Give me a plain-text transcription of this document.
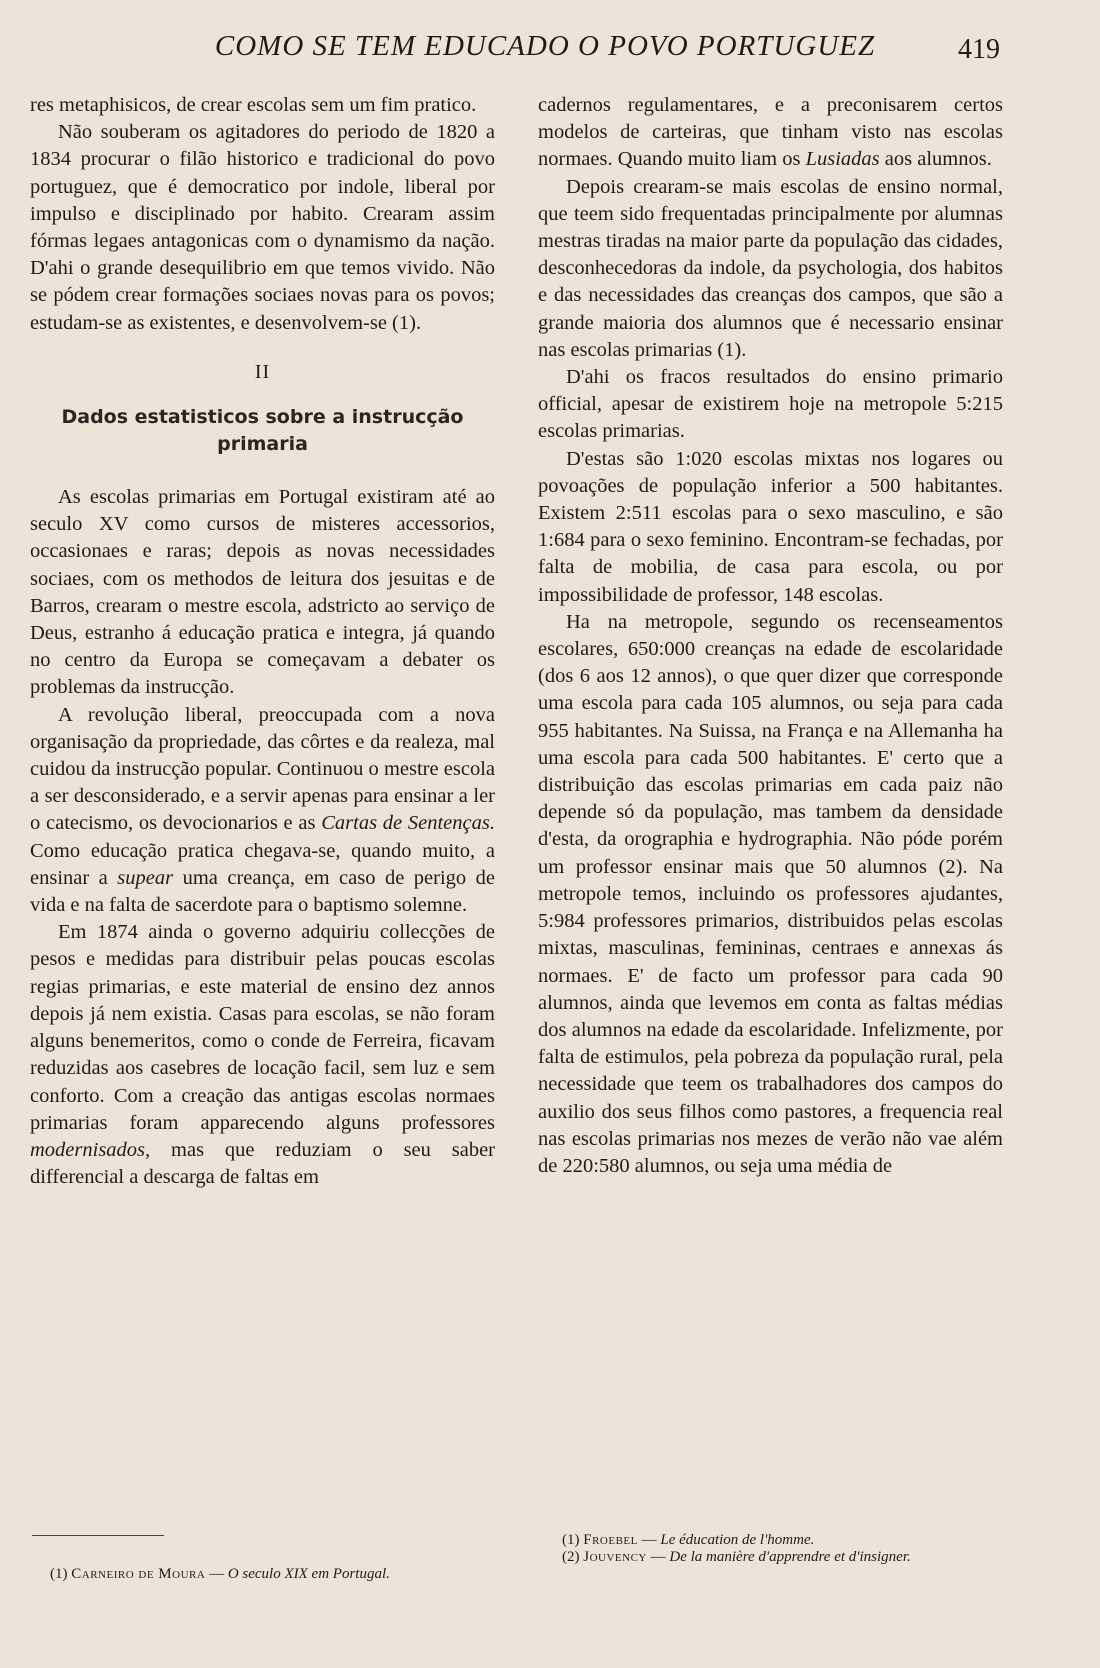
COMO SE TEM EDUCADO O POVO PORTUGUEZ	419

res metaphisicos, de crear escolas sem um fim pratico.

Não souberam os agitadores do periodo de 1820 a 1834 procurar o filão historico e tradicional do povo portuguez, que é democratico por indole, liberal por impulso e disciplinado por habito. Crearam assim fórmas legaes antagonicas com o dynamismo da nação. D'ahi o grande desequilibrio em que temos vivido. Não se pódem crear formações sociaes novas para os povos; estudam-se as existentes, e desenvolvem-se (1).

II
Dados estatisticos sobre a instrucção primaria

As escolas primarias em Portugal existiram até ao seculo XV como cursos de misteres accessorios, occasionaes e raras; depois as novas necessidades sociaes, com os methodos de leitura dos jesuitas e de Barros, crearam o mestre escola, adstricto ao serviço de Deus, estranho á educação pratica e integra, já quando no centro da Europa se começavam a debater os problemas da instrucção.

A revolução liberal, preoccupada com a nova organisação da propriedade, das côrtes e da realeza, mal cuidou da instrucção popular. Continuou o mestre escola a ser desconsiderado, e a servir apenas para ensinar a ler o catecismo, os devocionarios e as Cartas de Sentenças. Como educação pratica chegava-se, quando muito, a ensinar a supear uma creança, em caso de perigo de vida e na falta de sacerdote para o baptismo solemne.

Em 1874 ainda o governo adquiriu collecções de pesos e medidas para distribuir pelas poucas escolas regias primarias, e este material de ensino dez annos depois já nem existia. Casas para escolas, se não foram alguns benemeritos, como o conde de Ferreira, ficavam reduzidas aos casebres de locação facil, sem luz e sem conforto. Com a creação das antigas escolas normaes primarias foram apparecendo alguns professores modernisados, mas que reduziam o seu saber differencial a descarga de faltas em

cadernos regulamentares, e a preconisarem certos modelos de carteiras, que tinham visto nas escolas normaes. Quando muito liam os Lusiadas aos alumnos.

Depois crearam-se mais escolas de ensino normal, que teem sido frequentadas principalmente por alumnas mestras tiradas na maior parte da população das cidades, desconhecedoras da indole, da psychologia, dos habitos e das necessidades das creanças dos campos, que são a grande maioria dos alumnos que é necessario ensinar nas escolas primarias (1).

D'ahi os fracos resultados do ensino primario official, apesar de existirem hoje na metropole 5:215 escolas primarias.

D'estas são 1:020 escolas mixtas nos logares ou povoações de população inferior a 500 habitantes. Existem 2:511 escolas para o sexo masculino, e são 1:684 para o sexo feminino. Encontram-se fechadas, por falta de mobilia, de casa para escola, ou por impossibilidade de professor, 148 escolas.

Ha na metropole, segundo os recenseamentos escolares, 650:000 creanças na edade de escolaridade (dos 6 aos 12 annos), o que quer dizer que corresponde uma escola para cada 105 alumnos, ou seja para cada 955 habitantes. Na Suissa, na França e na Allemanha ha uma escola para cada 500 habitantes. E' certo que a distribuição das escolas primarias em cada paiz não depende só da população, mas tambem da densidade d'esta, da orographia e hydrographia. Não póde porém um professor ensinar mais que 50 alumnos (2). Na metropole temos, incluindo os professores ajudantes, 5:984 professores primarios, distribuidos pelas escolas mixtas, masculinas, femininas, centraes e annexas ás normaes. E' de facto um professor para cada 90 alumnos, ainda que levemos em conta as faltas médias dos alumnos na edade da escolaridade. Infelizmente, por falta de estimulos, pela pobreza da população rural, pela necessidade que teem os trabalhadores dos campos do auxilio dos seus filhos como pastores, a frequencia real nas escolas primarias nos mezes de verão não vae além de 220:580 alumnos, ou seja uma média de

(1) Carneiro de Moura — O seculo XIX em Portugal.
(1) Froebel — Le éducation de l'homme.
(2) Jouvency — De la manière d'apprendre et d'insigner.
